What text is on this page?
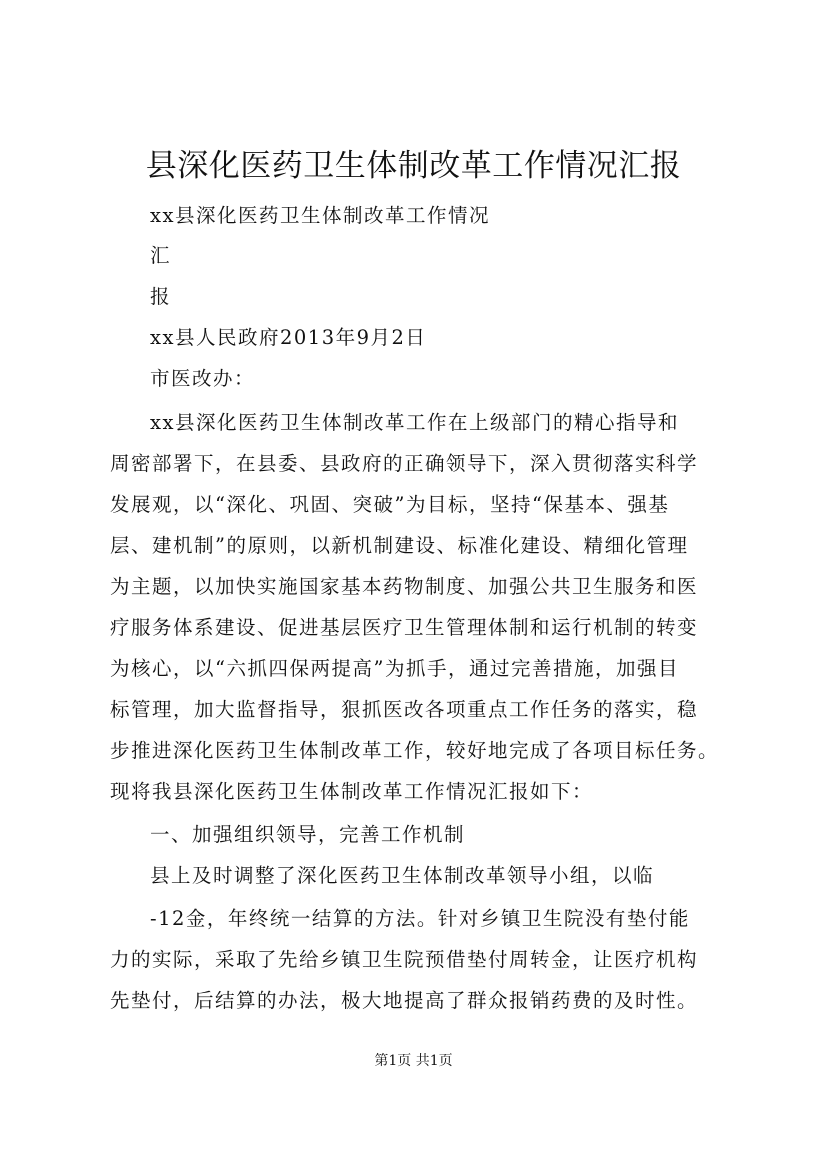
县深化医药卫生体制改革工作情况汇报
xx县深化医药卫生体制改革工作情况
汇
报
xx县人民政府2013年9月2日
市医改办：
xx县深化医药卫生体制改革工作在上级部门的精心指导和
周密部署下，在县委、县政府的正确领导下，深入贯彻落实科学
发展观，以“深化、巩固、突破”为目标，坚持“保基本、强基
层、建机制”的原则，以新机制建设、标准化建设、精细化管理
为主题，以加快实施国家基本药物制度、加强公共卫生服务和医
疗服务体系建设、促进基层医疗卫生管理体制和运行机制的转变
为核心，以“六抓四保两提高”为抓手，通过完善措施，加强目
标管理，加大监督指导，狠抓医改各项重点工作任务的落实，稳
步推进深化医药卫生体制改革工作，较好地完成了各项目标任务。
现将我县深化医药卫生体制改革工作情况汇报如下：
一、加强组织领导，完善工作机制
县上及时调整了深化医药卫生体制改革领导小组，以临
-12金，年终统一结算的方法。针对乡镇卫生院没有垫付能
力的实际，采取了先给乡镇卫生院预借垫付周转金，让医疗机构
先垫付，后结算的办法，极大地提高了群众报销药费的及时性。
第1页 共1页
